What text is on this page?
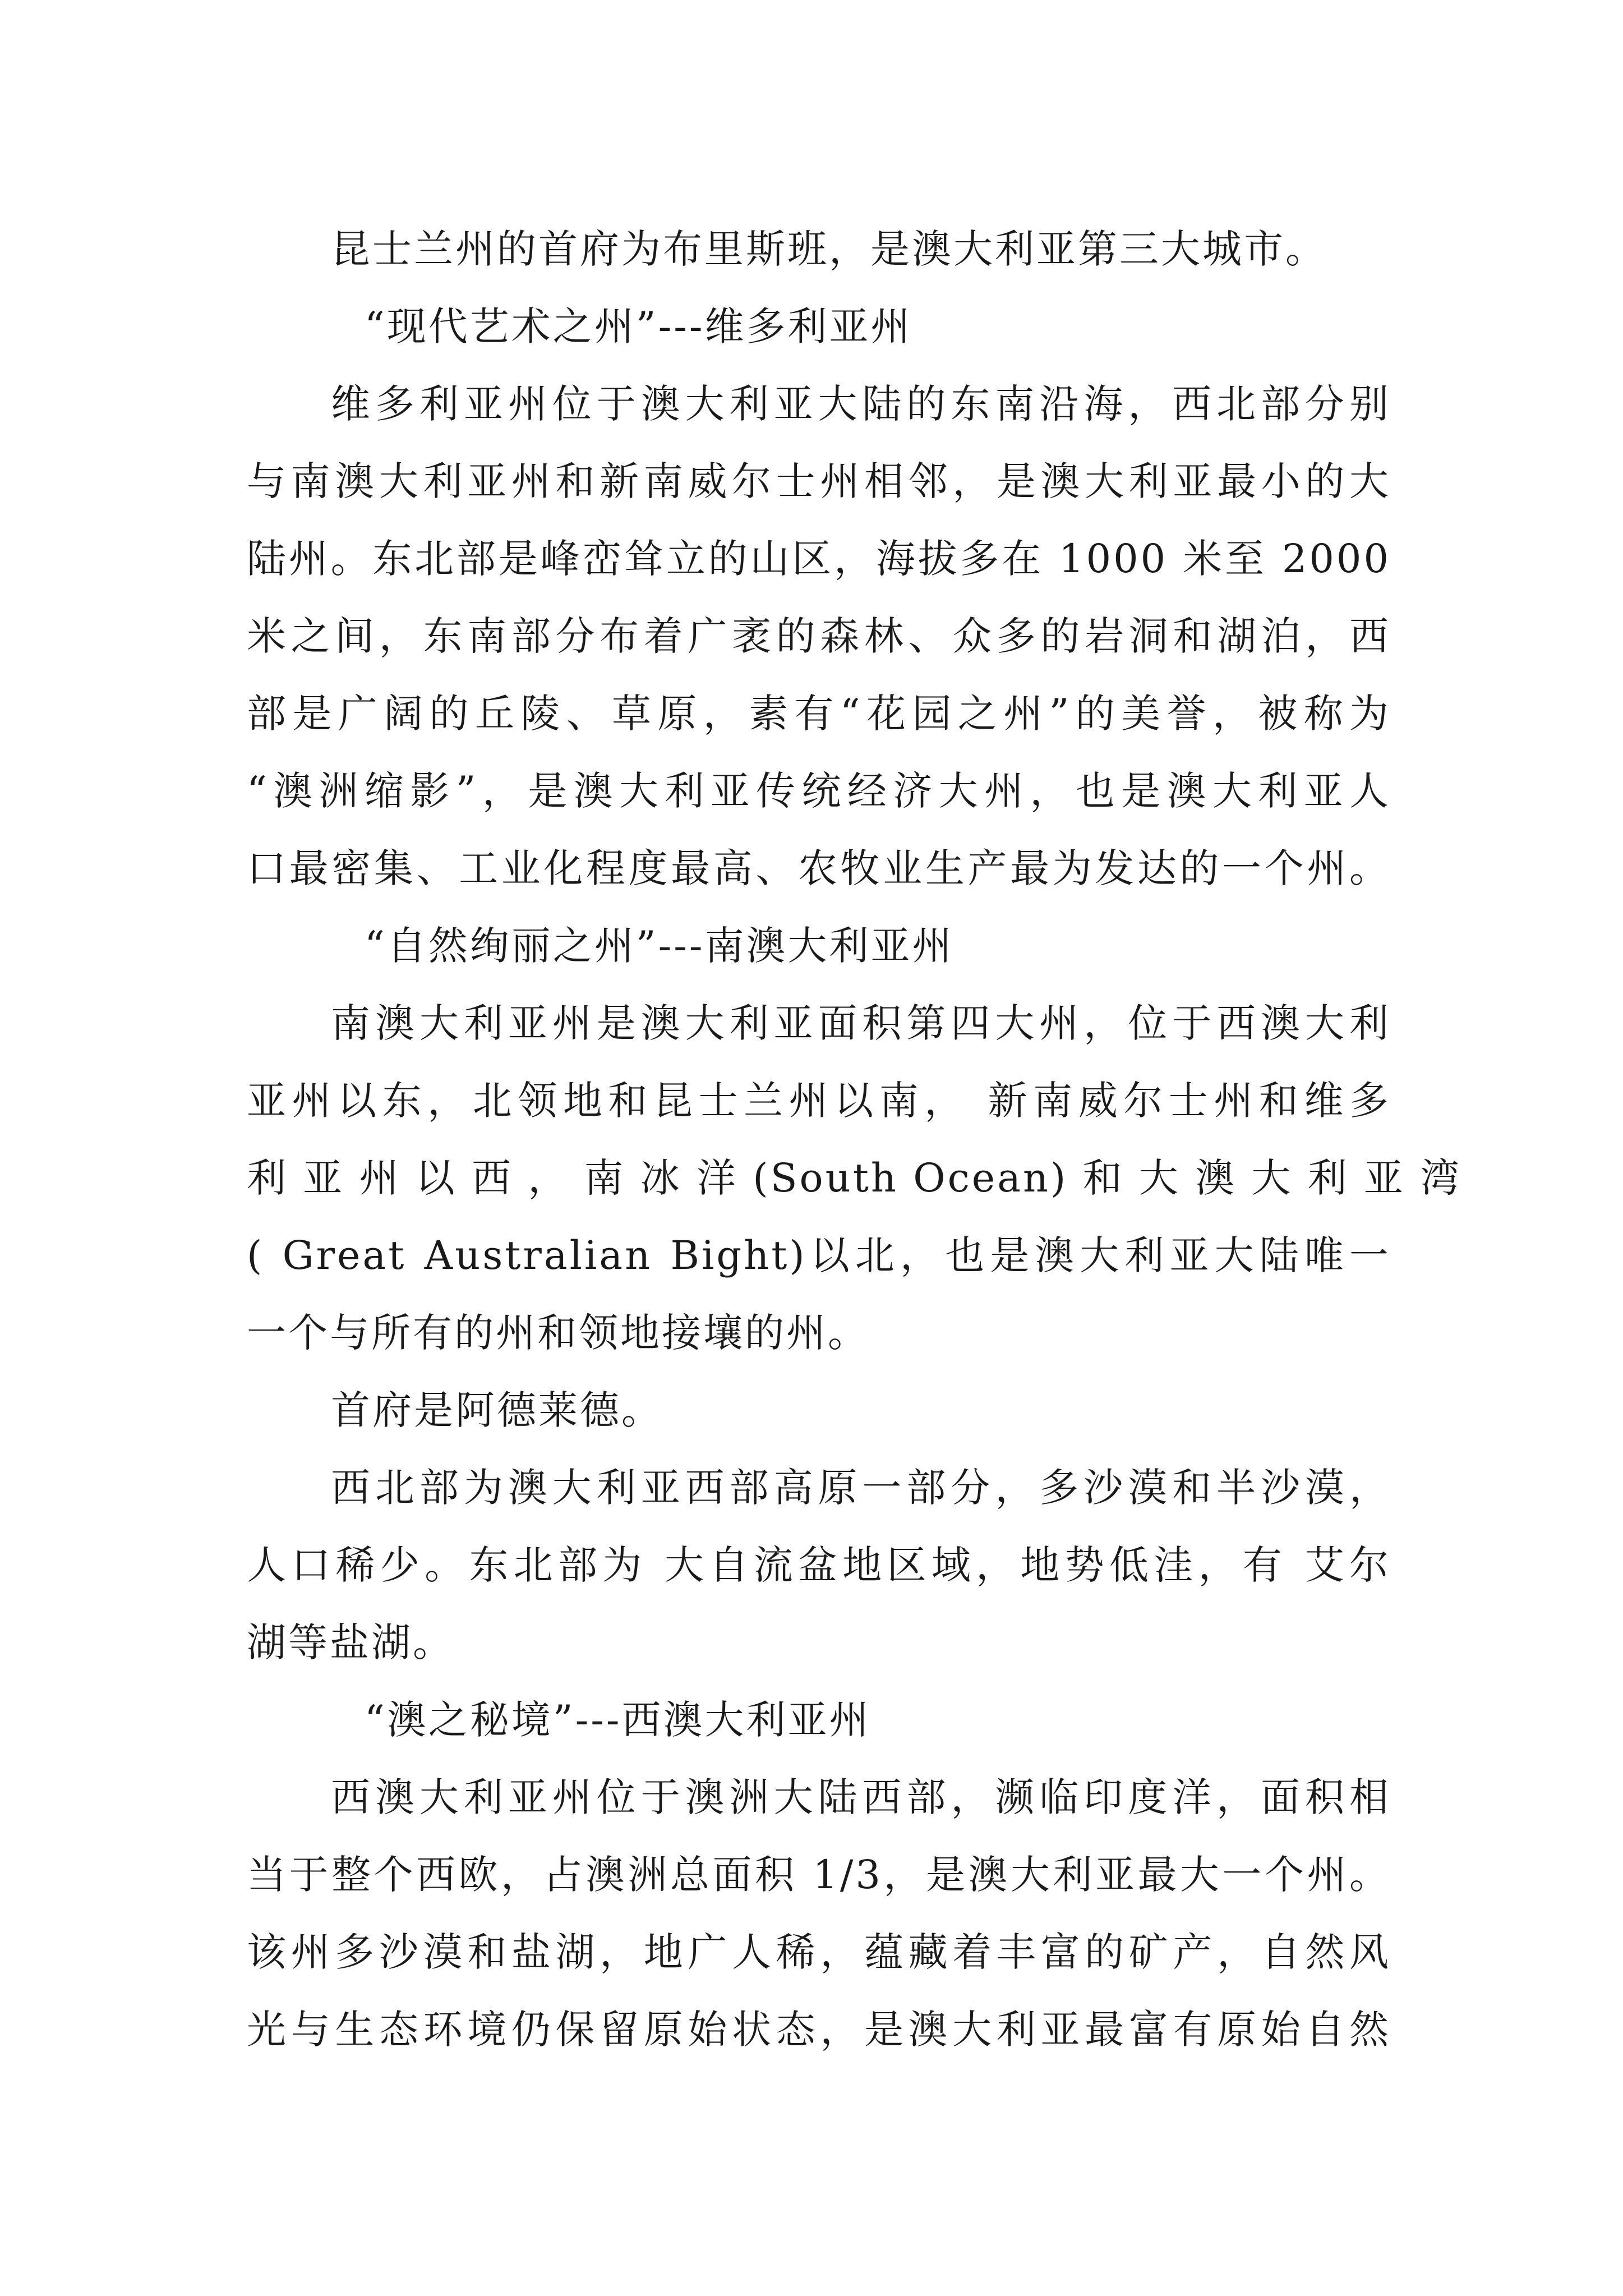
昆士兰州的首府为布里斯班，是澳大利亚第三大城市。
“现代艺术之州”---维多利亚州
维多利亚州位于澳大利亚大陆的东南沿海，西北部分别
与南澳大利亚州和新南威尔士州相邻，是澳大利亚最小的大
陆州。东北部是峰峦耸立的山区，海拔多在 1000 米至 2000
米之间，东南部分布着广袤的森林、众多的岩洞和湖泊，西
部是广阔的丘陵、草原，素有“花园之州”的美誉，被称为
“澳洲缩影”，是澳大利亚传统经济大州，也是澳大利亚人
口最密集、工业化程度最高、农牧业生产最为发达的一个州。
“自然绚丽之州”---南澳大利亚州
南澳大利亚州是澳大利亚面积第四大州，位于西澳大利
亚州以东，北领地和昆士兰州以南， 新南威尔士州和维多
利 亚 州 以 西 ， 南 冰 洋 (South Ocean) 和 大 澳 大 利 亚 湾
( Great Australian Bight)以北，也是澳大利亚大陆唯一
一个与所有的州和领地接壤的州。
首府是阿德莱德。
西北部为澳大利亚西部高原一部分，多沙漠和半沙漠，
人口稀少。东北部为 大自流盆地区域，地势低洼，有 艾尔
湖等盐湖。
“澳之秘境”---西澳大利亚州
西澳大利亚州位于澳洲大陆西部，濒临印度洋，面积相
当于整个西欧，占澳洲总面积 1/3，是澳大利亚最大一个州。
该州多沙漠和盐湖，地广人稀，蕴藏着丰富的矿产，自然风
光与生态环境仍保留原始状态，是澳大利亚最富有原始自然
